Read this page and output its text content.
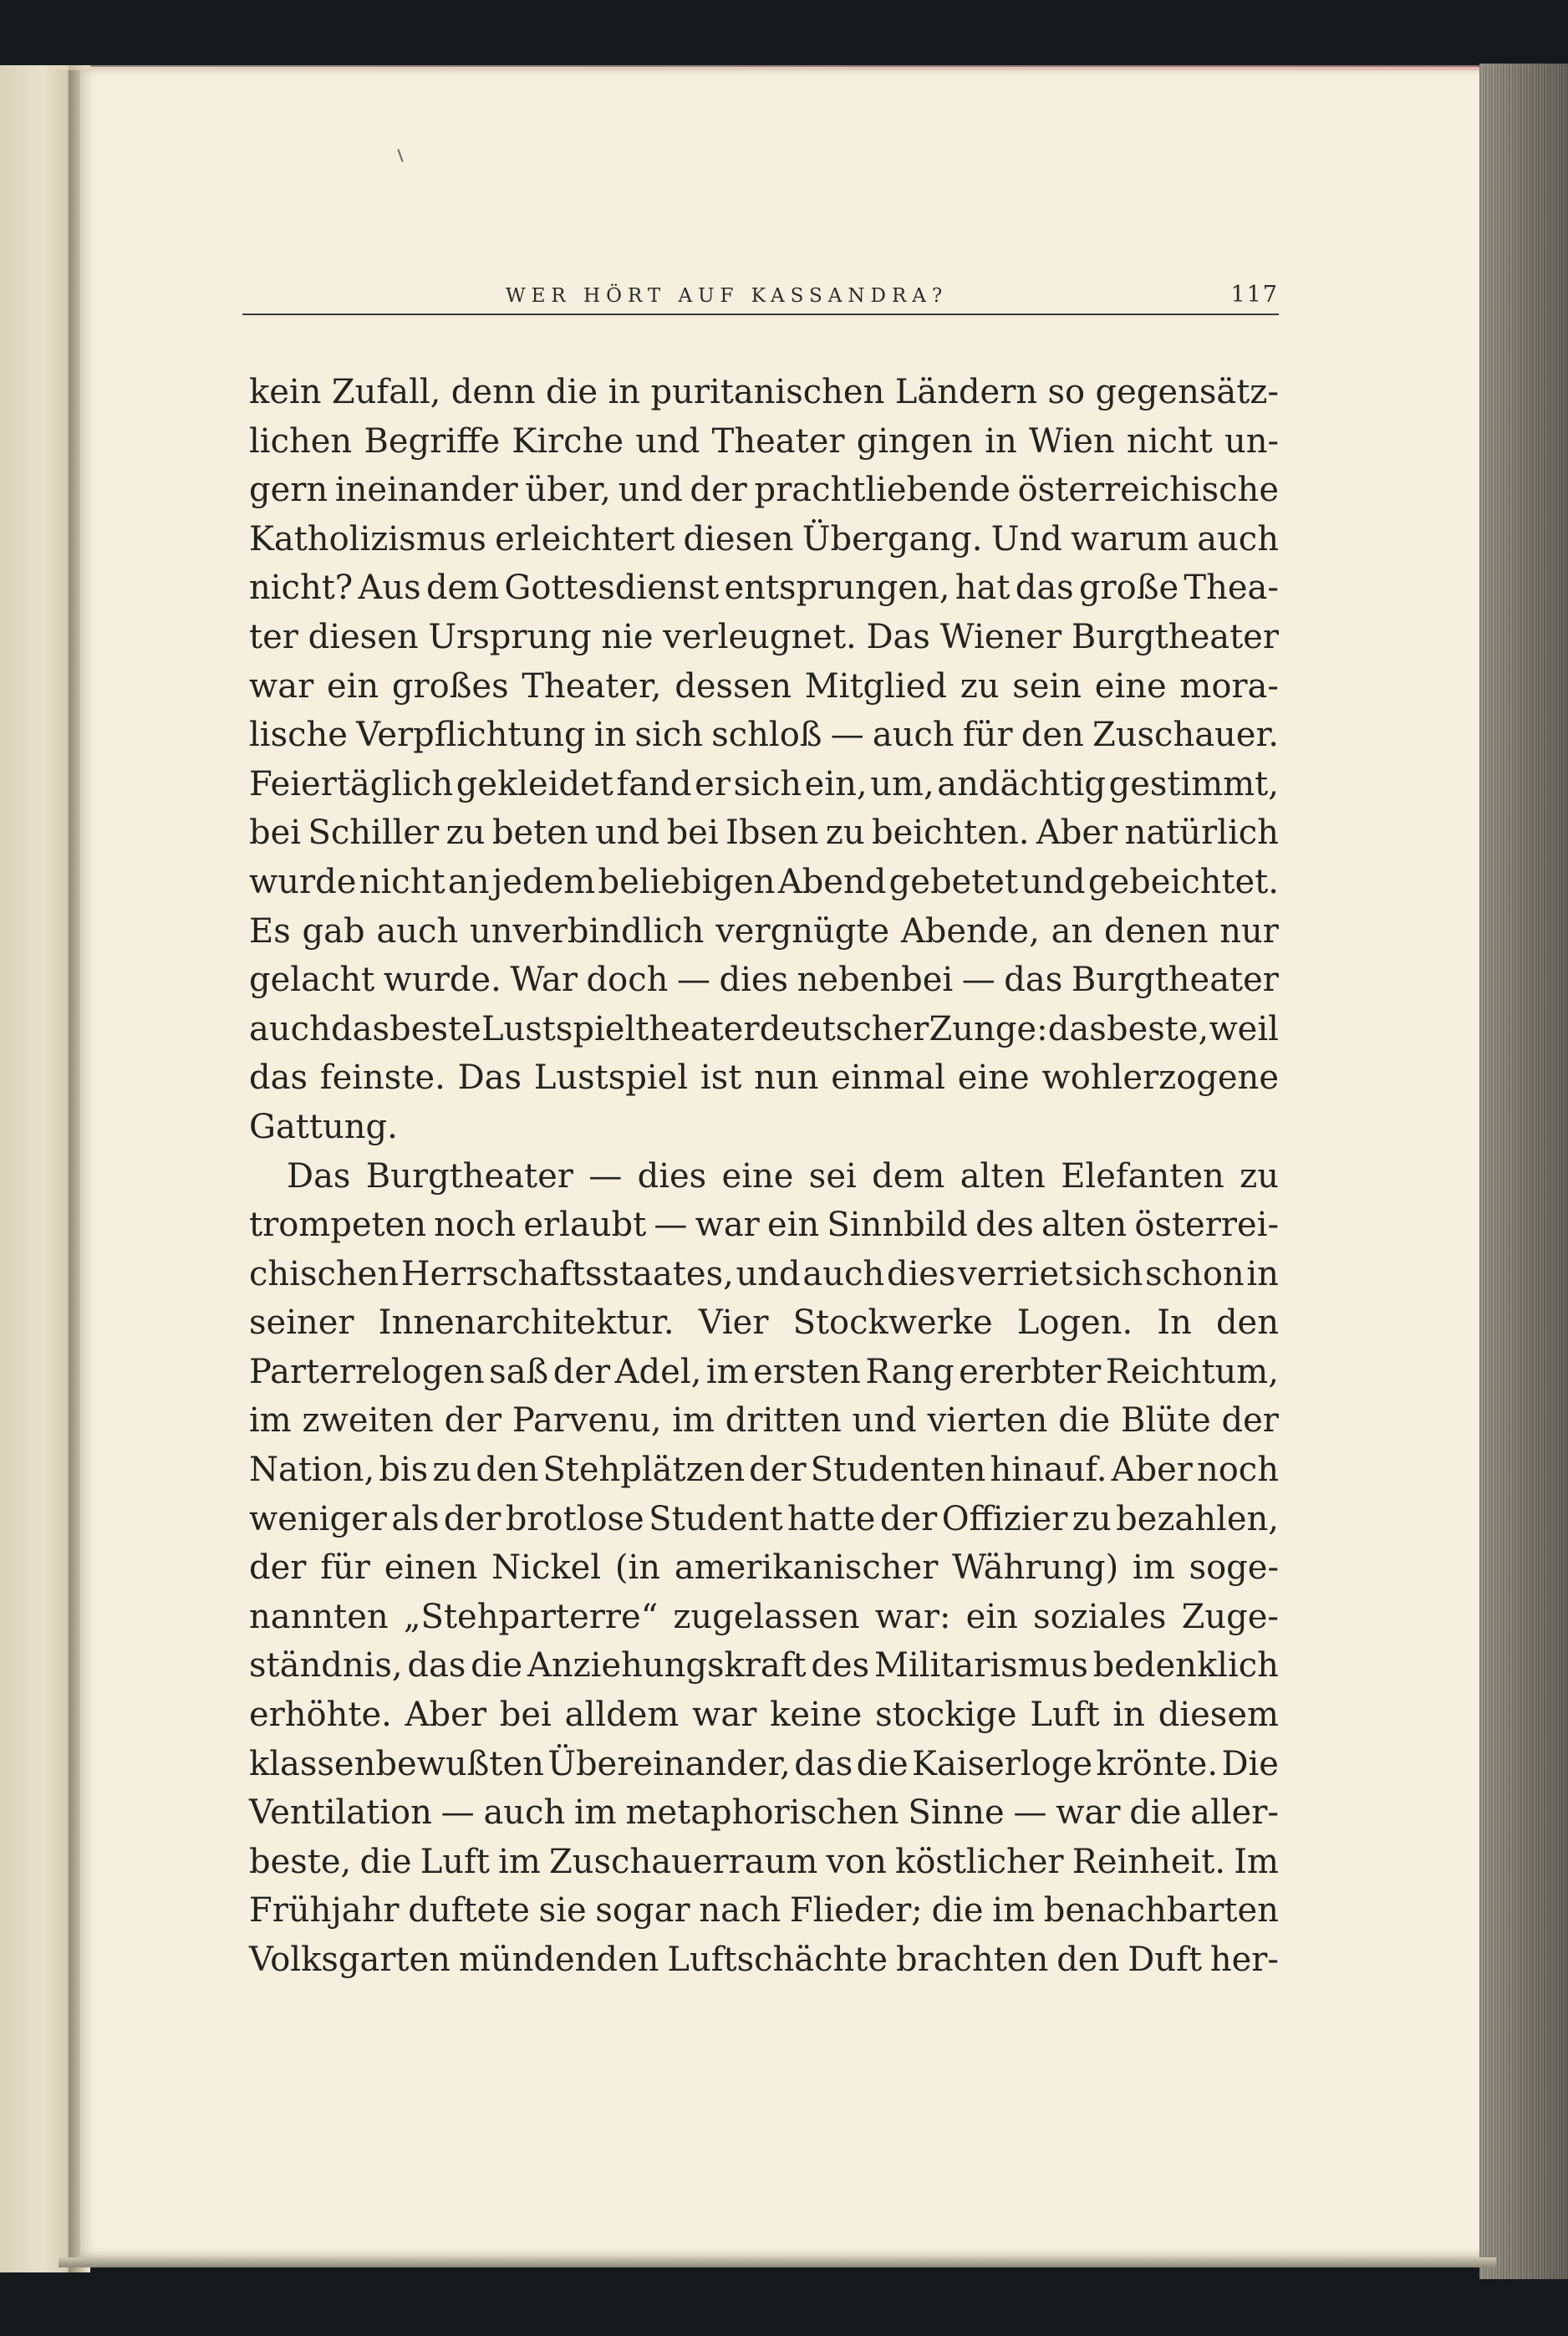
WER HÖRT AUF KASSANDRA?	117
kein Zufall, denn die in puritanischen Ländern so gegensätz-
lichen Begriffe Kirche und Theater gingen in Wien nicht un-
gern ineinander über, und der prachtliebende österreichische
Katholizismus erleichtert diesen Übergang. Und warum auch
nicht? Aus dem Gottesdienst entsprungen, hat das große Thea-
ter diesen Ursprung nie verleugnet. Das Wiener Burgtheater
war ein großes Theater, dessen Mitglied zu sein eine mora-
lische Verpflichtung in sich schloß — auch für den Zuschauer.
Feiertäglich gekleidet fand er sich ein, um, andächtig gestimmt,
bei Schiller zu beten und bei Ibsen zu beichten. Aber natürlich
wurde nicht an jedem beliebigen Abend gebetet und gebeichtet.
Es gab auch unverbindlich vergnügte Abende, an denen nur
gelacht wurde. War doch — dies nebenbei — das Burgtheater
auch das beste Lustspieltheater deutscher Zunge: das beste, weil
das feinste. Das Lustspiel ist nun einmal eine wohlerzogene
Gattung.
Das Burgtheater — dies eine sei dem alten Elefanten zu
trompeten noch erlaubt — war ein Sinnbild des alten österrei-
chischen Herrschaftsstaates, und auch dies verriet sich schon in
seiner Innenarchitektur. Vier Stockwerke Logen. In den
Parterrelogen saß der Adel, im ersten Rang ererbter Reichtum,
im zweiten der Parvenu, im dritten und vierten die Blüte der
Nation, bis zu den Stehplätzen der Studenten hinauf. Aber noch
weniger als der brotlose Student hatte der Offizier zu bezahlen,
der für einen Nickel (in amerikanischer Währung) im soge-
nannten „Stehparterre“ zugelassen war: ein soziales Zuge-
ständnis, das die Anziehungskraft des Militarismus bedenklich
erhöhte. Aber bei alldem war keine stockige Luft in diesem
klassenbewußten Übereinander, das die Kaiserloge krönte. Die
Ventilation — auch im metaphorischen Sinne — war die aller-
beste, die Luft im Zuschauerraum von köstlicher Reinheit. Im
Frühjahr duftete sie sogar nach Flieder; die im benachbarten
Volksgarten mündenden Luftschächte brachten den Duft her-
